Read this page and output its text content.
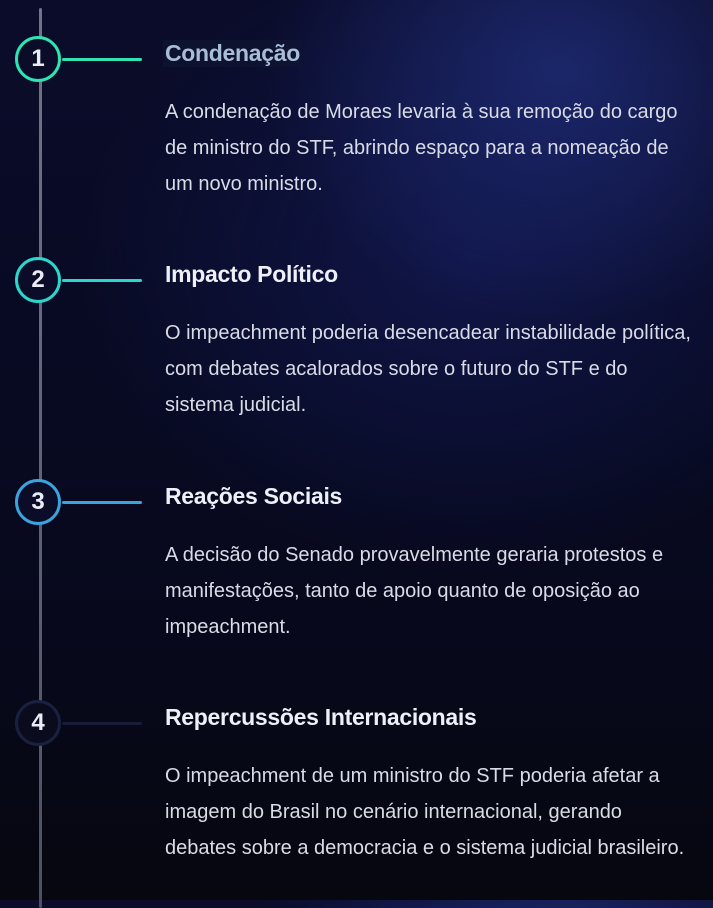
1	Condenação
A condenação de Moraes levaria à sua remoção do cargo de ministro do STF, abrindo espaço para a nomeação de um novo ministro.
2	Impacto Político
O impeachment poderia desencadear instabilidade política, com debates acalorados sobre o futuro do STF e do sistema judicial.
3	Reações Sociais
A decisão do Senado provavelmente geraria protestos e manifestações, tanto de apoio quanto de oposição ao impeachment.
4	Repercussões Internacionais
O impeachment de um ministro do STF poderia afetar a imagem do Brasil no cenário internacional, gerando debates sobre a democracia e o sistema judicial brasileiro.
